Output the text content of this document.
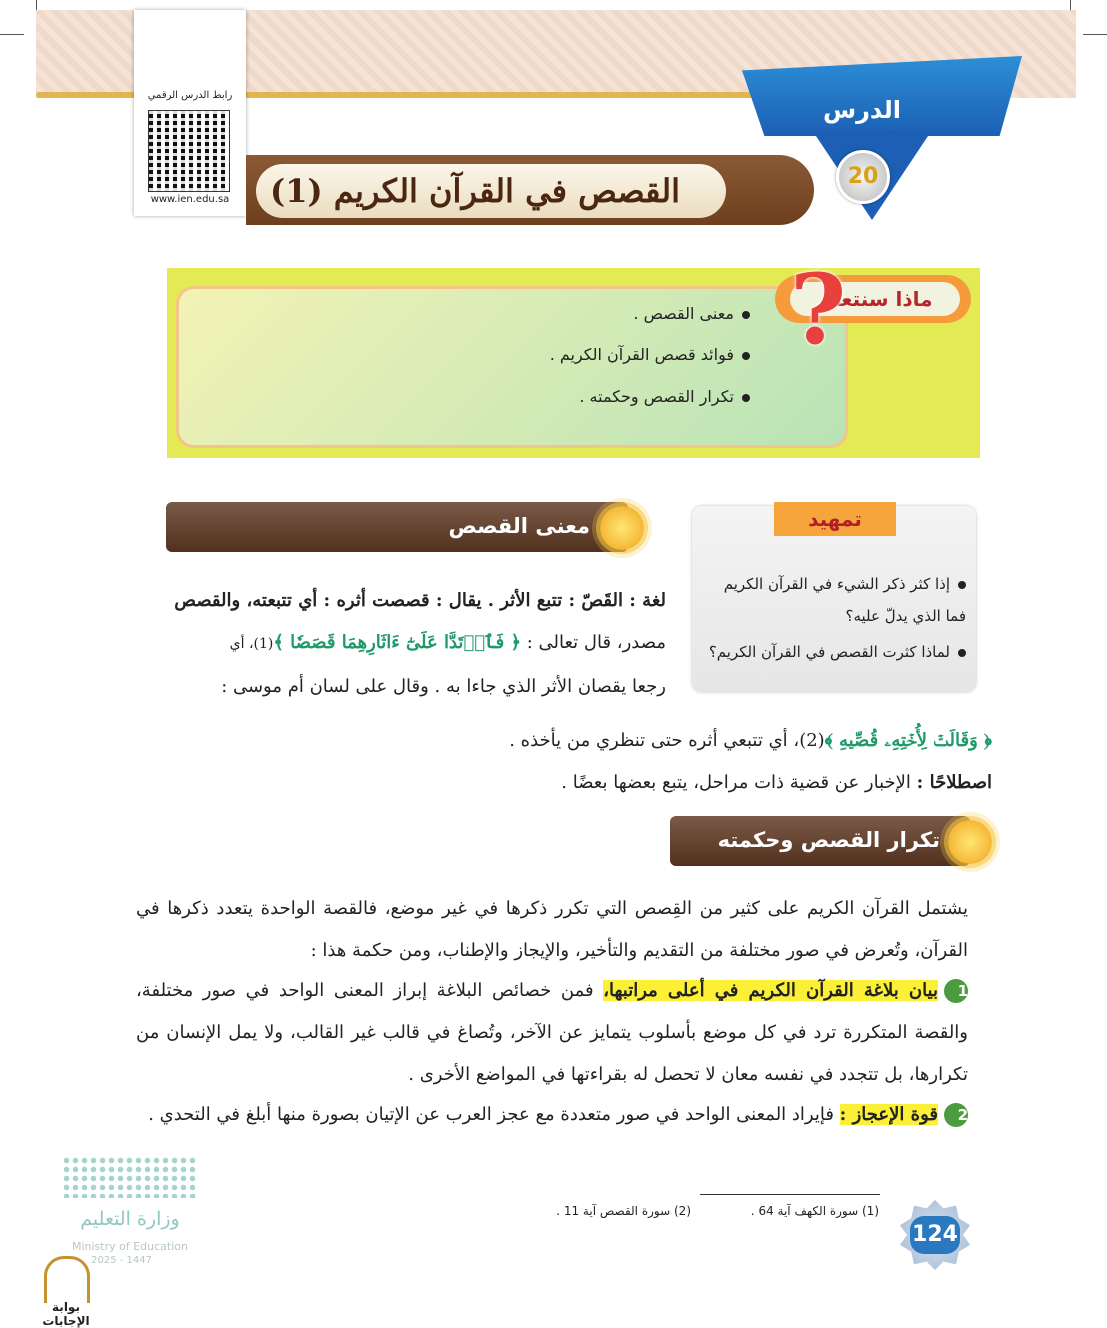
رابط الدرس الرقمي
www.ien.edu.sa
الدرس
20
القصص في القرآن الكريم (1)
ماذا سنتعلم
?
معنى القصص .
فوائد قصص القرآن الكريم .
تكرار القصص وحكمته .
تمهيد
إذا كثر ذكر الشيء في القرآن الكريم
فما الذي يدلّ عليه؟
لماذا كثرت القصص في القرآن الكريم؟
معنى القصص
لغة : القَصّ : تتبع الأثر . يقال : قصصت أثره : أي تتبعته، والقصص
مصدر، قال تعالى : ﴿ فَٱرۡتَدَّا عَلَىٰٓ ءَاثَارِهِمَا قَصَصٗا ﴾(1)، أي
رجعا يقصان الأثر الذي جاءا به . وقال على لسان أم موسى :
﴿ وَقَالَتۡ لِأُخۡتِهِۦ قُصِّيهِ ﴾(2)، أي تتبعي أثره حتى تنظري من يأخذه .
اصطلاحًا : الإخبار عن قضية ذات مراحل، يتبع بعضها بعضًا .
تكرار القصص وحكمته
يشتمل القرآن الكريم على كثير من القِصص التي تكرر ذكرها في غير موضع، فالقصة الواحدة يتعدد ذكرها في القرآن، وتُعرض في صور مختلفة من التقديم والتأخير، والإيجاز والإطناب، ومن حكمة هذا :
1بيان بلاغة القرآن الكريم في أعلى مراتبها، فمن خصائص البلاغة إبراز المعنى الواحد في صور مختلفة، والقصة المتكررة ترد في كل موضع بأسلوب يتمايز عن الآخر، وتُصاغ في قالب غير القالب، ولا يمل الإنسان من تكرارها، بل تتجدد في نفسه معان لا تحصل له بقراءتها في المواضع الأخرى .
2قوة الإعجاز : فإيراد المعنى الواحد في صور متعددة مع عجز العرب عن الإتيان بصورة منها أبلغ في التحدي .
(1) سورة الكهف آية 64 .
(2) سورة القصص آية 11 .
124
وزارة التعليم
Ministry of Education
2025 - 1447
بوابة الإجابات
